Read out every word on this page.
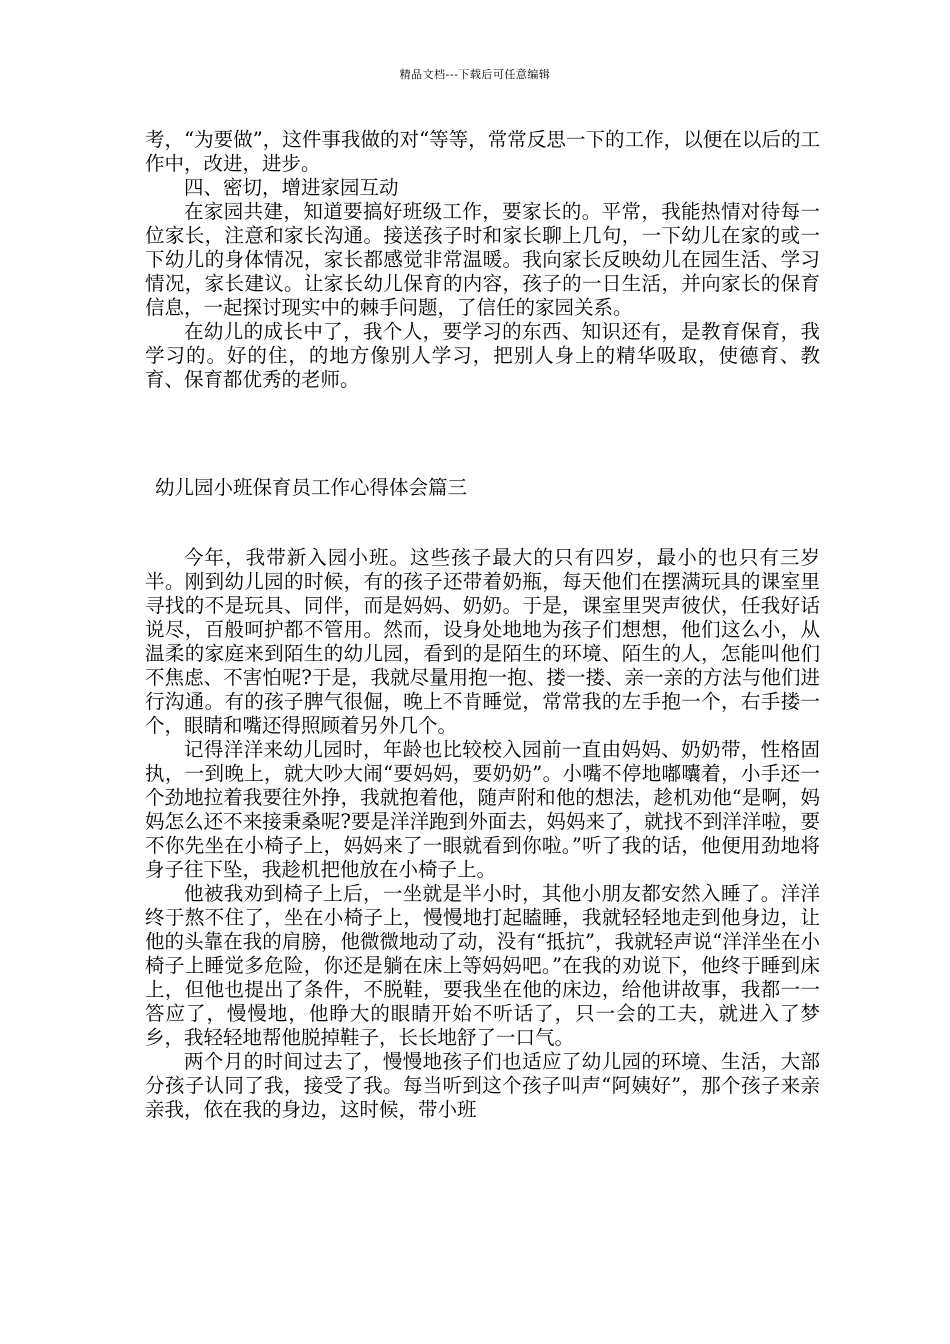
精品文档---下载后可任意编辑

考，“为要做”，这件事我做的对“等等，常常反思一下的工作，以便在以后的工作中，改进，进步。

四、密切，增进家园互动

在家园共建，知道要搞好班级工作，要家长的。平常，我能热情对待每一位家长，注意和家长沟通。接送孩子时和家长聊上几句，一下幼儿在家的或一下幼儿的身体情况，家长都感觉非常温暖。我向家长反映幼儿在园生活、学习情况，家长建议。让家长幼儿保育的内容，孩子的一日生活，并向家长的保育信息，一起探讨现实中的棘手问题，了信任的家园关系。

在幼儿的成长中了，我个人，要学习的东西、知识还有，是教育保育，我学习的。好的住，的地方像别人学习，把别人身上的精华吸取，使德育、教育、保育都优秀的老师。

幼儿园小班保育员工作心得体会篇三

今年，我带新入园小班。这些孩子最大的只有四岁，最小的也只有三岁半。刚到幼儿园的时候，有的孩子还带着奶瓶，每天他们在摆满玩具的课室里寻找的不是玩具、同伴，而是妈妈、奶奶。于是，课室里哭声彼伏，任我好话说尽，百般呵护都不管用。然而，设身处地地为孩子们想想，他们这么小，从温柔的家庭来到陌生的幼儿园，看到的是陌生的环境、陌生的人，怎能叫他们不焦虑、不害怕呢?于是，我就尽量用抱一抱、搂一搂、亲一亲的方法与他们进行沟通。有的孩子脾气很倔，晚上不肯睡觉，常常我的左手抱一个，右手搂一个，眼睛和嘴还得照顾着另外几个。

记得洋洋来幼儿园时，年龄也比较校入园前一直由妈妈、奶奶带，性格固执，一到晚上，就大吵大闹“要妈妈，要奶奶”。小嘴不停地嘟囔着，小手还一个劲地拉着我要往外挣，我就抱着他，随声附和他的想法，趁机劝他“是啊，妈妈怎么还不来接秉桑呢?要是洋洋跑到外面去，妈妈来了，就找不到洋洋啦，要不你先坐在小椅子上，妈妈来了一眼就看到你啦。”听了我的话，他便用劲地将身子往下坠，我趁机把他放在小椅子上。

他被我劝到椅子上后，一坐就是半小时，其他小朋友都安然入睡了。洋洋终于熬不住了，坐在小椅子上，慢慢地打起瞌睡，我就轻轻地走到他身边，让他的头靠在我的肩膀，他微微地动了动，没有“抵抗”，我就轻声说“洋洋坐在小椅子上睡觉多危险，你还是躺在床上等妈妈吧。”在我的劝说下，他终于睡到床上，但他也提出了条件，不脱鞋，要我坐在他的床边，给他讲故事，我都一一答应了，慢慢地，他睁大的眼睛开始不听话了，只一会的工夫，就进入了梦乡，我轻轻地帮他脱掉鞋子，长长地舒了一口气。

两个月的时间过去了，慢慢地孩子们也适应了幼儿园的环境、生活，大部分孩子认同了我，接受了我。每当听到这个孩子叫声“阿姨好”，那个孩子来亲亲我，依在我的身边，这时候，带小班
